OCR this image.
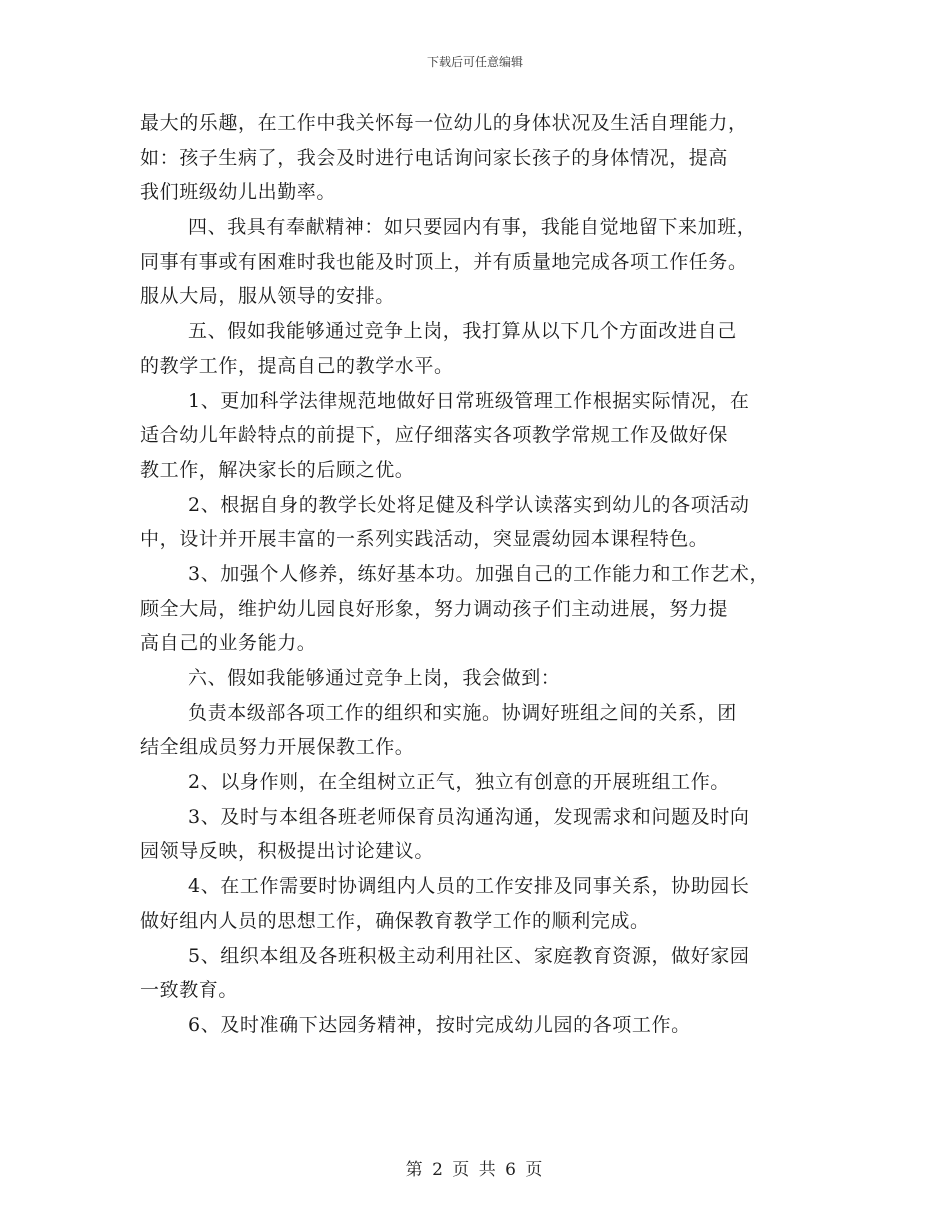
下载后可任意编辑
最大的乐趣，在工作中我关怀每一位幼儿的身体状况及生活自理能力，
如：孩子生病了，我会及时进行电话询问家长孩子的身体情况，提高
我们班级幼儿出勤率。
四、我具有奉献精神：如只要园内有事，我能自觉地留下来加班，
同事有事或有困难时我也能及时顶上，并有质量地完成各项工作任务。
服从大局，服从领导的安排。
五、假如我能够通过竞争上岗，我打算从以下几个方面改进自己
的教学工作，提高自己的教学水平。
1、更加科学法律规范地做好日常班级管理工作根据实际情况，在
适合幼儿年龄特点的前提下，应仔细落实各项教学常规工作及做好保
教工作，解决家长的后顾之优。
2、根据自身的教学长处将足健及科学认读落实到幼儿的各项活动
中，设计并开展丰富的一系列实践活动，突显震幼园本课程特色。
3、加强个人修养，练好基本功。加强自己的工作能力和工作艺术，
顾全大局，维护幼儿园良好形象，努力调动孩子们主动进展，努力提
高自己的业务能力。
六、假如我能够通过竞争上岗，我会做到：
负责本级部各项工作的组织和实施。协调好班组之间的关系，团
结全组成员努力开展保教工作。
2、以身作则，在全组树立正气，独立有创意的开展班组工作。
3、及时与本组各班老师保育员沟通沟通，发现需求和问题及时向
园领导反映，积极提出讨论建议。
4、在工作需要时协调组内人员的工作安排及同事关系，协助园长
做好组内人员的思想工作，确保教育教学工作的顺利完成。
5、组织本组及各班积极主动利用社区、家庭教育资源，做好家园
一致教育。
6、及时准确下达园务精神，按时完成幼儿园的各项工作。
第 2 页 共 6 页
